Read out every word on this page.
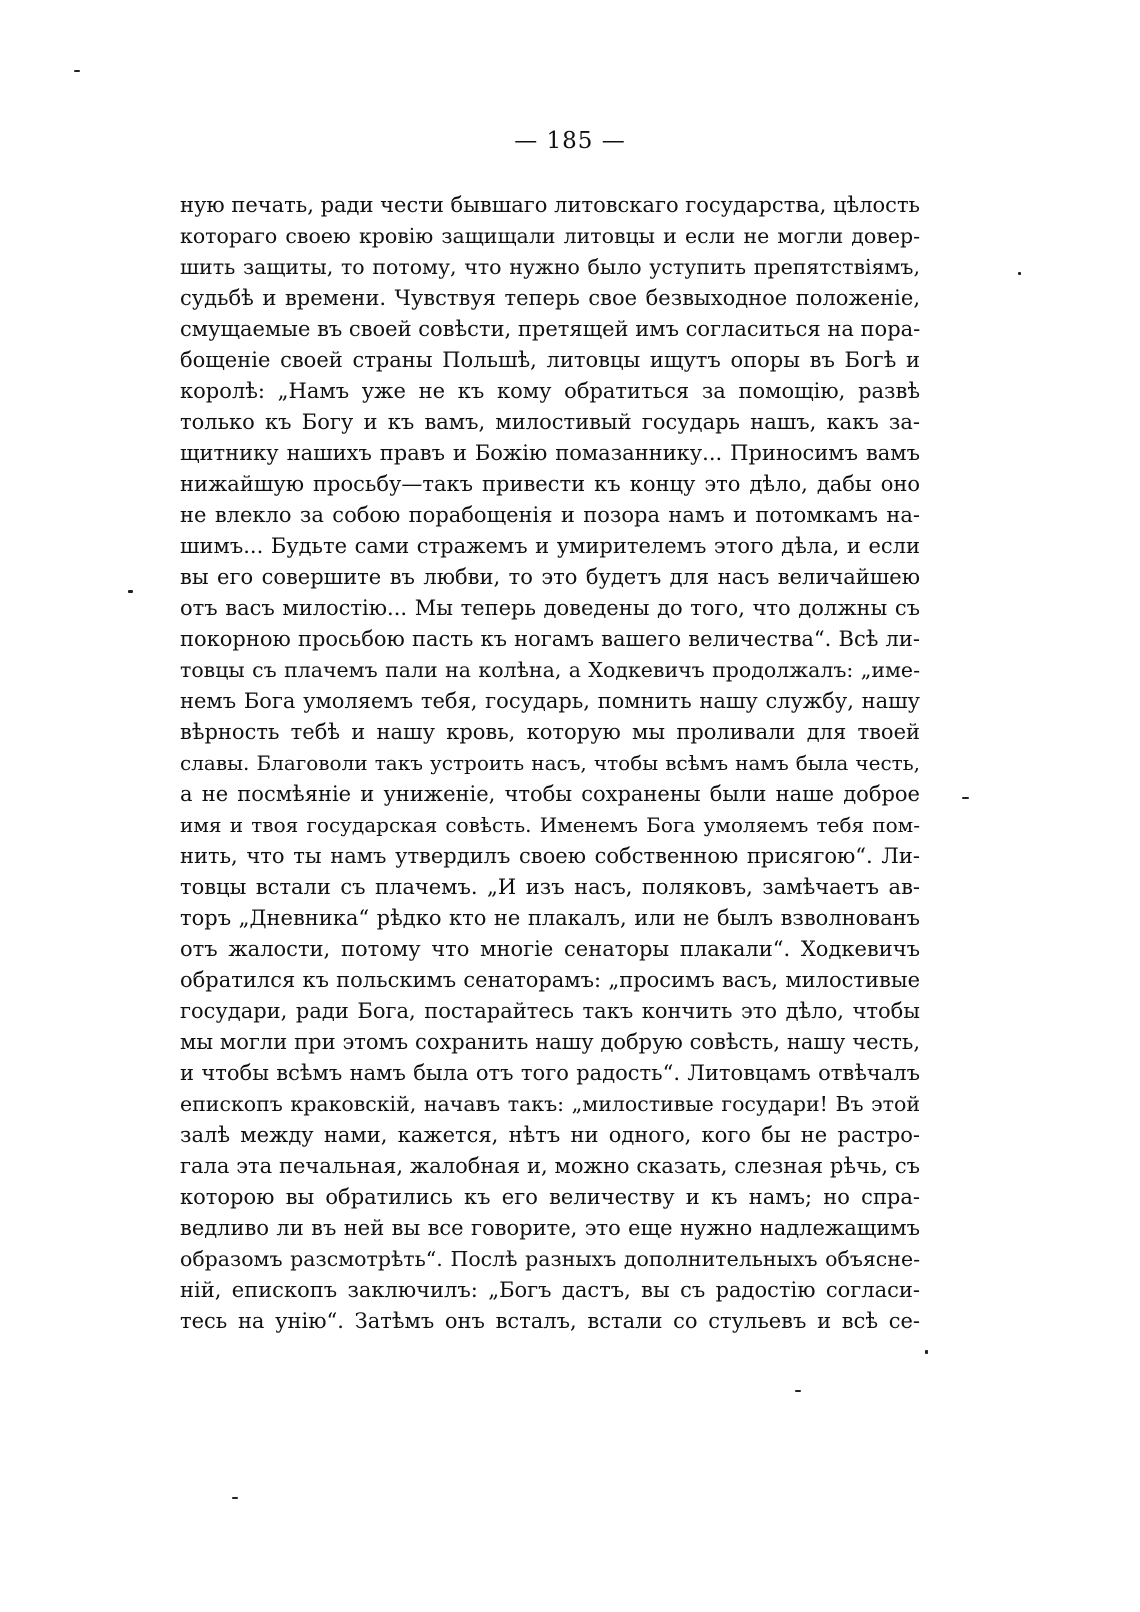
— 185 —
ную печать, ради чести бывшаго литовскаго государства, цѣлость
котораго своею кровію защищали литовцы и если не могли довер-
шить защиты, то потому, что нужно было уступить препятствіямъ,
судьбѣ и времени. Чувствуя теперь свое безвыходное положеніе,
смущаемые въ своей совѣсти, претящей имъ согласиться на пора-
бощеніе своей страны Польшѣ, литовцы ищутъ опоры въ Богѣ и
королѣ: „Намъ уже не къ кому обратиться за помощію, развѣ
только къ Богу и къ вамъ, милостивый государь нашъ, какъ за-
щитнику нашихъ правъ и Божію помазаннику... Приносимъ вамъ
нижайшую просьбу—такъ привести къ концу это дѣло, дабы оно
не влекло за собою порабощенія и позора намъ и потомкамъ на-
шимъ... Будьте сами стражемъ и умирителемъ этого дѣла, и если
вы его совершите въ любви, то это будетъ для насъ величайшею
отъ васъ милостію... Мы теперь доведены до того, что должны съ
покорною просьбою пасть къ ногамъ вашего величества“. Всѣ ли-
товцы съ плачемъ пали на колѣна, а Ходкевичъ продолжалъ: „име-
немъ Бога умоляемъ тебя, государь, помнить нашу службу, нашу
вѣрность тебѣ и нашу кровь, которую мы проливали для твоей
славы. Благоволи такъ устроить насъ, чтобы всѣмъ намъ была честь,
а не посмѣяніе и униженіе, чтобы сохранены были наше доброе
имя и твоя государская совѣсть. Именемъ Бога умоляемъ тебя пом-
нить, что ты намъ утвердилъ своею собственною присягою“. Ли-
товцы встали съ плачемъ. „И изъ насъ, поляковъ, замѣчаетъ ав-
торъ „Дневника“ рѣдко кто не плакалъ, или не былъ взволнованъ
отъ жалости, потому что многіе сенаторы плакали“. Ходкевичъ
обратился къ польскимъ сенаторамъ: „просимъ васъ, милостивые
государи, ради Бога, постарайтесь такъ кончить это дѣло, чтобы
мы могли при этомъ сохранить нашу добрую совѣсть, нашу честь,
и чтобы всѣмъ намъ была отъ того радость“. Литовцамъ отвѣчалъ
епископъ краковскій, начавъ такъ: „милостивые государи! Въ этой
залѣ между нами, кажется, нѣтъ ни одного, кого бы не растро-
гала эта печальная, жалобная и, можно сказать, слезная рѣчь, съ
которою вы обратились къ его величеству и къ намъ; но спра-
ведливо ли въ ней вы все говорите, это еще нужно надлежащимъ
образомъ разсмотрѣть“. Послѣ разныхъ дополнительныхъ объясне-
ній, епископъ заключилъ: „Богъ дастъ, вы съ радостію согласи-
тесь на унію“. Затѣмъ онъ всталъ, встали со стульевъ и всѣ се-
